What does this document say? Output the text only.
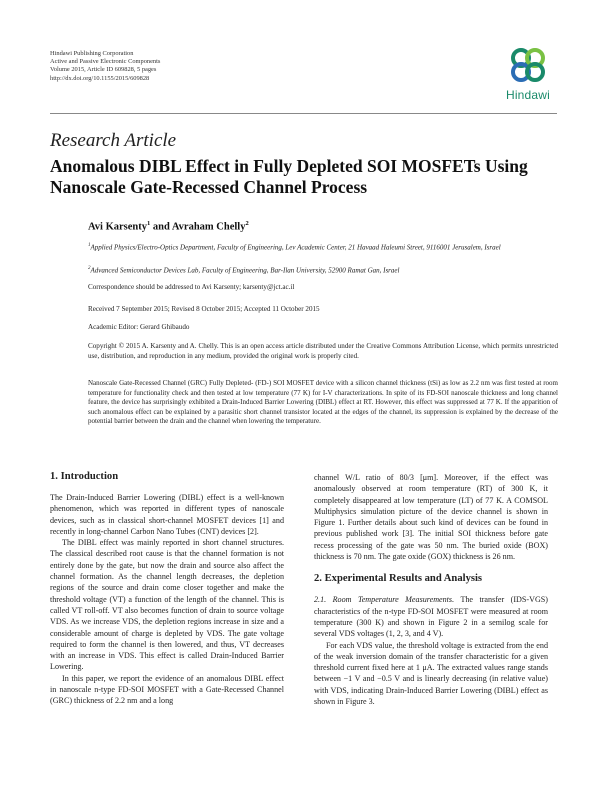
Hindawi Publishing Corporation
Active and Passive Electronic Components
Volume 2015, Article ID 609828, 5 pages
http://dx.doi.org/10.1155/2015/609828
Hindawi
Research Article
Anomalous DIBL Effect in Fully Depleted SOI MOSFETs Using Nanoscale Gate-Recessed Channel Process
Avi Karsenty$^1$ and Avraham Chelly$^2$
$^1$Applied Physics/Electro-Optics Department, Faculty of Engineering, Lev Academic Center, 21 Havaad Haleumi Street, 9116001 Jerusalem, Israel
$^2$Advanced Semiconductor Devices Lab, Faculty of Engineering, Bar-Ilan University, 52900 Ramat Gan, Israel
Correspondence should be addressed to Avi Karsenty; karsenty@jct.ac.il
Received 7 September 2015; Revised 8 October 2015; Accepted 11 October 2015
Academic Editor: Gerard Ghibaudo
Copyright © 2015 A. Karsenty and A. Chelly. This is an open access article distributed under the Creative Commons Attribution License, which permits unrestricted use, distribution, and reproduction in any medium, provided the original work is properly cited.
Nanoscale Gate-Recessed Channel (GRC) Fully Depleted- (FD-) SOI MOSFET device with a silicon channel thickness (tSi) as low as 2.2 nm was first tested at room temperature for functionality check and then tested at low temperature (77 K) for I-V characterizations. In spite of its FD-SOI nanoscale thickness and long channel feature, the device has surprisingly exhibited a Drain-Induced Barrier Lowering (DIBL) effect at RT. However, this effect was suppressed at 77 K. If the apparition of such anomalous effect can be explained by a parasitic short channel transistor located at the edges of the channel, its suppression is explained by the decrease of the potential barrier between the drain and the channel when lowering the temperature.
1. Introduction

The Drain-Induced Barrier Lowering (DIBL) effect is a well-known phenomenon, which was reported in different types of nanoscale devices, such as in classical short-channel MOSFET devices [1] and recently in long-channel Carbon Nano Tubes (CNT) devices [2].

The DIBL effect was mainly reported in short channel structures. The classical described root cause is that the channel formation is not entirely done by the gate, but now the drain and source also affect the channel formation. As the channel length decreases, the depletion regions of the source and drain come closer together and make the threshold voltage (VT) a function of the length of the channel. This is called VT roll-off. VT also becomes function of drain to source voltage VDS. As we increase VDS, the depletion regions increase in size and a considerable amount of charge is depleted by VDS. The gate voltage required to form the channel is then lowered, and thus, VT decreases with an increase in VDS. This effect is called Drain-Induced Barrier Lowering.

In this paper, we report the evidence of an anomalous DIBL effect in nanoscale n-type FD-SOI MOSFET with a Gate-Recessed Channel (GRC) thickness of 2.2 nm and a long

channel W/L ratio of 80/3 [μm]. Moreover, if the effect was anomalously observed at room temperature (RT) of 300 K, it completely disappeared at low temperature (LT) of 77 K. A COMSOL Multiphysics simulation picture of the device channel is shown in Figure 1. Further details about such kind of devices can be found in previous published work [3]. The initial SOI thickness before gate recess processing of the gate was 50 nm. The buried oxide (BOX) thickness is 70 nm. The gate oxide (GOX) thickness is 26 nm.

2. Experimental Results and Analysis

2.1. Room Temperature Measurements. The transfer (IDS-VGS) characteristics of the n-type FD-SOI MOSFET were measured at room temperature (300 K) and shown in Figure 2 in a semilog scale for several VDS voltages (1, 2, 3, and 4 V).

For each VDS value, the threshold voltage is extracted from the end of the weak inversion domain of the transfer characteristic for a given threshold current fixed here at 1 μA. The extracted values range stands between −1 V and −0.5 V and is linearly decreasing (in relative value) with VDS, indicating Drain-Induced Barrier Lowering (DIBL) effect as shown in Figure 3.
